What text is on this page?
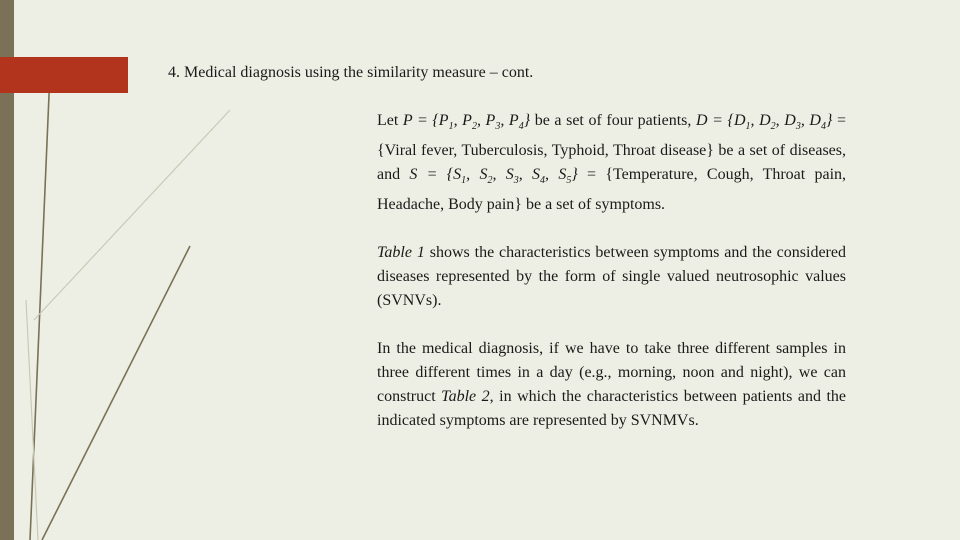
4. Medical diagnosis using the similarity measure – cont.

Let $P = \{P_1$, $P_2$, $P_3$, $P_4$} be a set of four patients, $D = \{D_1$, $D_2$, $D_3$, $D_4$} = {Viral fever, Tuberculosis, Typhoid, Throat disease} be a set of diseases, and $S = \{S_1$, $S_2$, $S_3$, $S_4$, $S_5$} = {Temperature, Cough, Throat pain, Headache, Body pain} be a set of symptoms.

Table 1 shows the characteristics between symptoms and the considered diseases represented by the form of single valued neutrosophic values (SVNVs).

In the medical diagnosis, if we have to take three different samples in three different times in a day (e.g., morning, noon and night), we can construct Table 2, in which the characteristics between patients and the indicated symptoms are represented by SVNMVs.
